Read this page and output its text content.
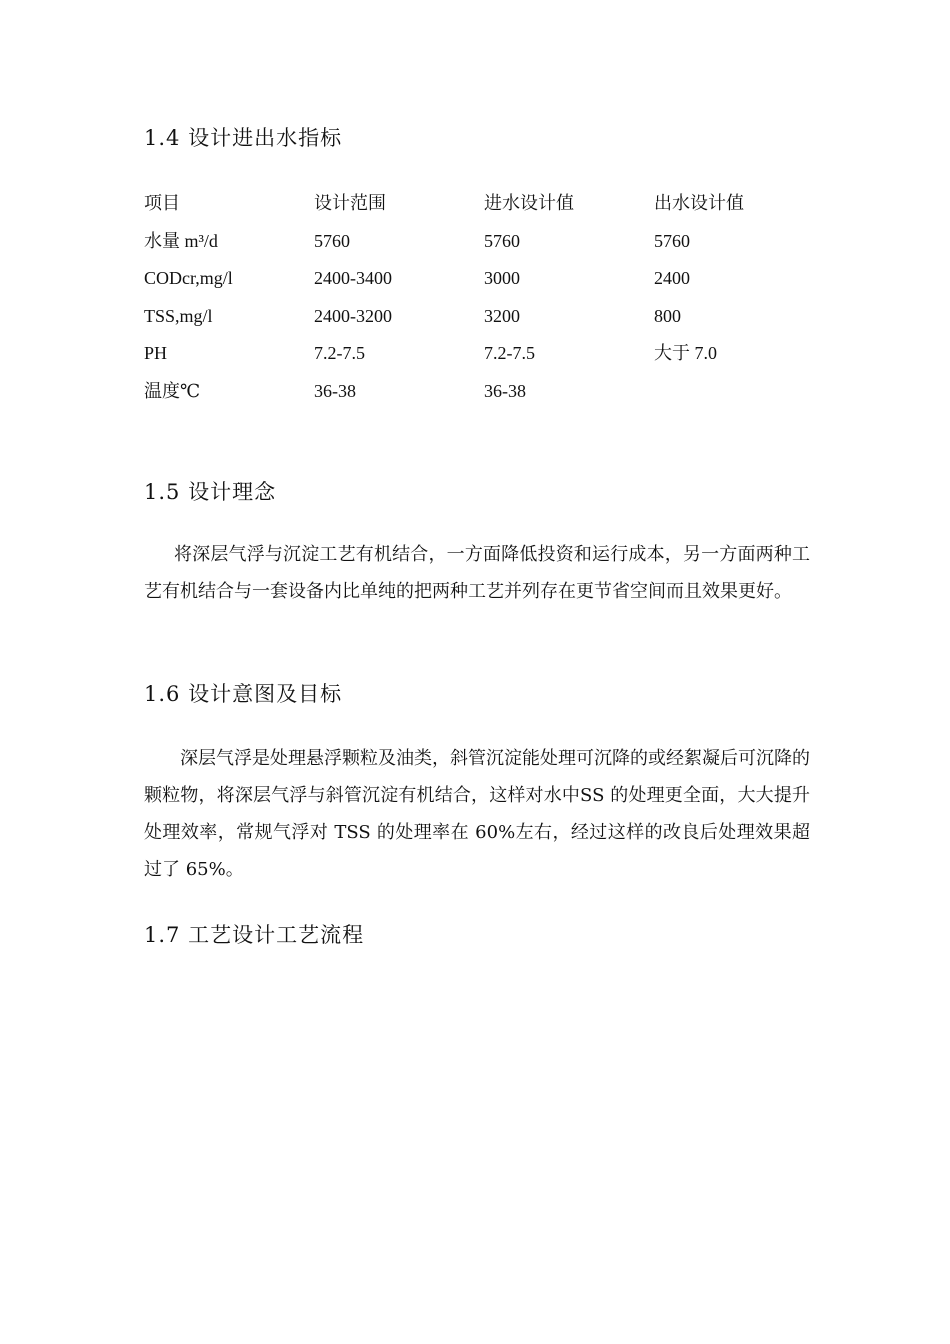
1.4 设计进出水指标
项目	设计范围	进水设计值	出水设计值
水量 m³/d	5760	5760	5760
CODcr,mg/l	2400-3400	3000	2400
TSS,mg/l	2400-3200	3200	800
PH	7.2-7.5	7.2-7.5	大于 7.0
温度℃	36-38	36-38
1.5 设计理念

将深层气浮与沉淀工艺有机结合，一方面降低投资和运行成本，另一方面两种工艺有机结合与一套设备内比单纯的把两种工艺并列存在更节省空间而且效果更好。

1.6 设计意图及目标

深层气浮是处理悬浮颗粒及油类，斜管沉淀能处理可沉降的或经絮凝后可沉降的颗粒物，将深层气浮与斜管沉淀有机结合，这样对水中SS 的处理更全面，大大提升处理效率，常规气浮对 TSS 的处理率在 60%左右，经过这样的改良后处理效果超过了 65%。

1.7 工艺设计工艺流程
